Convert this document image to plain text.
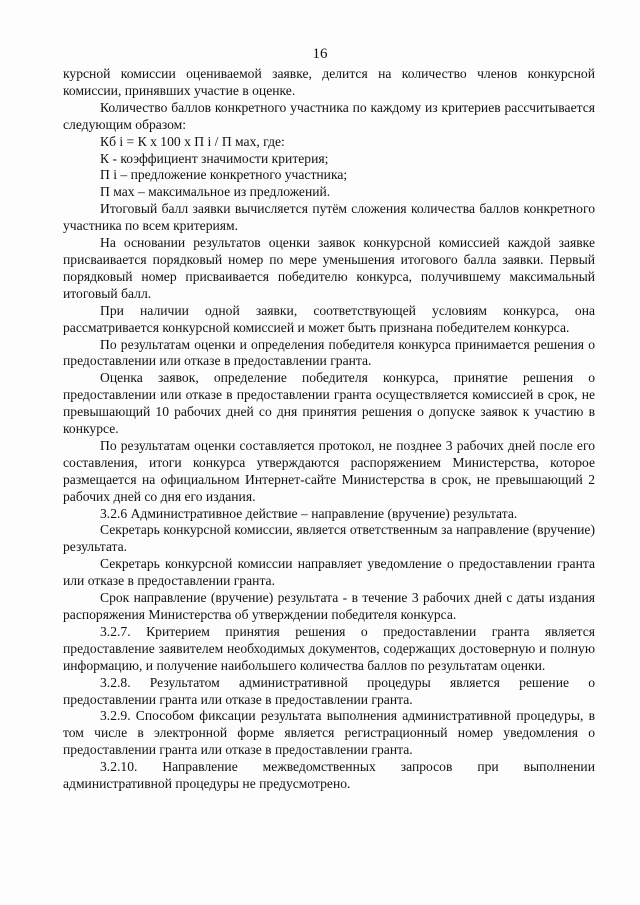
16

курсной комиссии оцениваемой заявке, делится на количество членов конкурсной комиссии, принявших участие в оценке.

Количество баллов конкретного участника по каждому из критериев рассчитывается следующим образом:

Кб i = К х 100 х П i / П мах, где:

К - коэффициент значимости критерия;

П i – предложение конкретного участника;

П мах – максимальное из предложений.

Итоговый балл заявки вычисляется путём сложения количества баллов конкретного участника по всем критериям.

На основании результатов оценки заявок конкурсной комиссией каждой заявке присваивается порядковый номер по мере уменьшения итогового балла заявки. Первый порядковый номер присваивается победителю конкурса, получившему максимальный итоговый балл.

При наличии одной заявки, соответствующей условиям конкурса, она рассматривается конкурсной комиссией и может быть признана победителем конкурса.

По результатам оценки и определения победителя конкурса принимается решения о предоставлении или отказе в предоставлении гранта.

Оценка заявок, определение победителя конкурса, принятие решения о предоставлении или отказе в предоставлении гранта осуществляется комиссией в срок, не превышающий 10 рабочих дней со дня принятия решения о допуске заявок к участию в конкурсе.

По результатам оценки составляется протокол, не позднее 3 рабочих дней после его составления, итоги конкурса утверждаются распоряжением Министерства, которое размещается на официальном Интернет-сайте Министерства в срок, не превышающий 2 рабочих дней со дня его издания.

3.2.6 Административное действие – направление (вручение) результата.

Секретарь конкурсной комиссии, является ответственным за направление (вручение) результата.

Секретарь конкурсной комиссии направляет уведомление о предоставлении гранта или отказе в предоставлении гранта.

Срок направление (вручение) результата - в течение 3 рабочих дней с даты издания распоряжения Министерства об утверждении победителя конкурса.

3.2.7. Критерием принятия решения о предоставлении гранта является предоставление заявителем необходимых документов, содержащих достоверную и полную информацию, и получение наибольшего количества баллов по результатам оценки.

3.2.8. Результатом административной процедуры является решение о предоставлении гранта или отказе в предоставлении гранта.

3.2.9. Способом фиксации результата выполнения административной процедуры, в том числе в электронной форме является регистрационный номер уведомления о предоставлении гранта или отказе в предоставлении гранта.

3.2.10. Направление межведомственных запросов при выполнении административной процедуры не предусмотрено.
